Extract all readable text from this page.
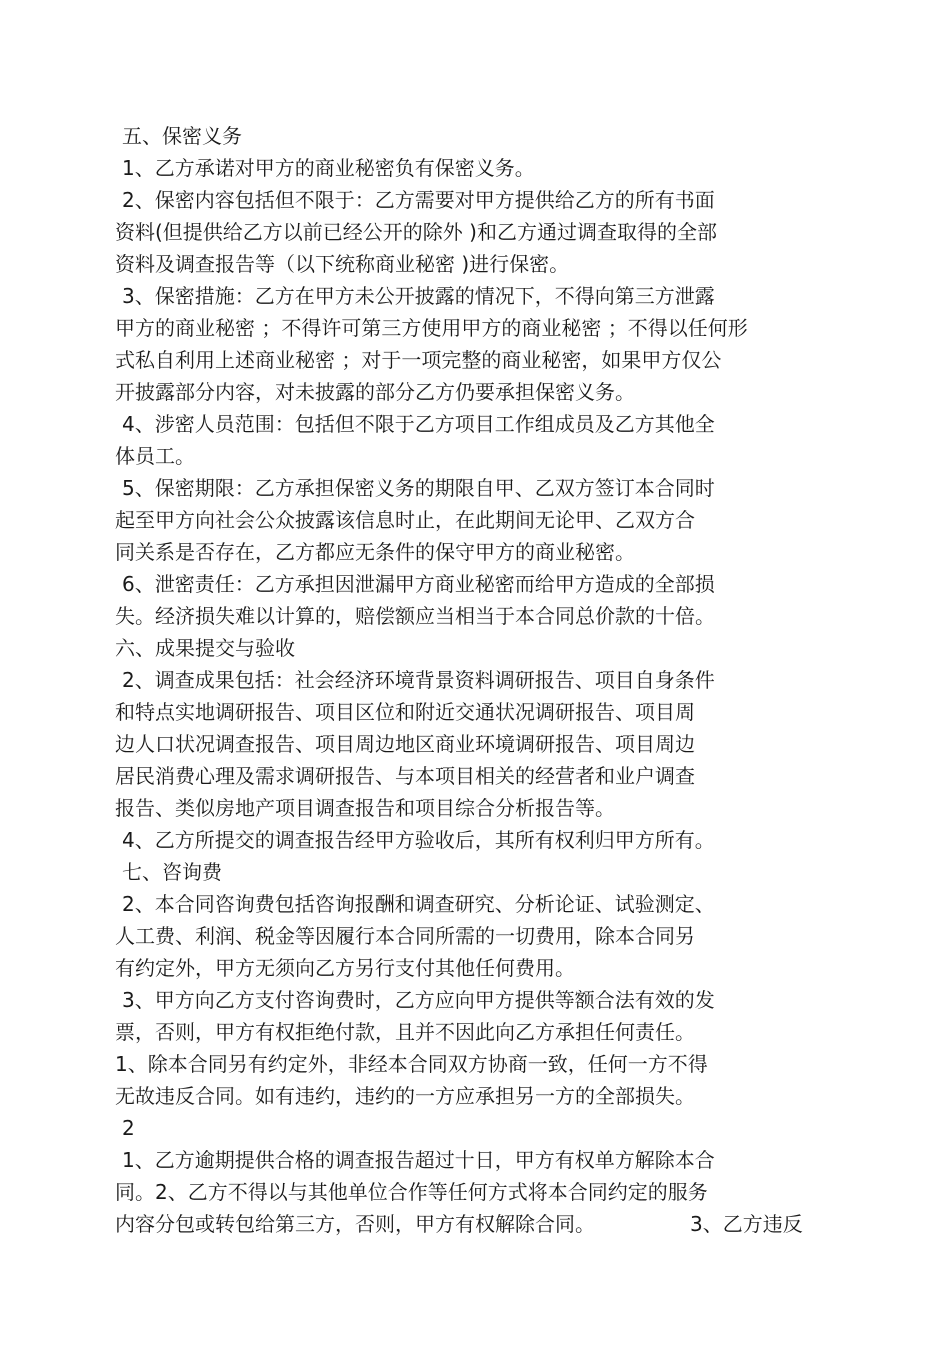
五、保密义务
1、乙方承诺对甲方的商业秘密负有保密义务。
2、保密内容包括但不限于：乙方需要对甲方提供给乙方的所有书面
资料(但提供给乙方以前已经公开的除外 )和乙方通过调查取得的全部
资料及调查报告等（以下统称商业秘密 )进行保密。
3、保密措施：乙方在甲方未公开披露的情况下，不得向第三方泄露
甲方的商业秘密 ；不得许可第三方使用甲方的商业秘密 ；不得以任何形
式私自利用上述商业秘密 ；对于一项完整的商业秘密，如果甲方仅公
开披露部分内容，对未披露的部分乙方仍要承担保密义务。
4、涉密人员范围：包括但不限于乙方项目工作组成员及乙方其他全
体员工。
5、保密期限：乙方承担保密义务的期限自甲、乙双方签订本合同时
起至甲方向社会公众披露该信息时止，在此期间无论甲、乙双方合
同关系是否存在，乙方都应无条件的保守甲方的商业秘密。
6、泄密责任：乙方承担因泄漏甲方商业秘密而给甲方造成的全部损
失。经济损失难以计算的，赔偿额应当相当于本合同总价款的十倍。
六、成果提交与验收
2、调查成果包括：社会经济环境背景资料调研报告、项目自身条件
和特点实地调研报告、项目区位和附近交通状况调研报告、项目周
边人口状况调查报告、项目周边地区商业环境调研报告、项目周边
居民消费心理及需求调研报告、与本项目相关的经营者和业户调查
报告、类似房地产项目调查报告和项目综合分析报告等。
4、乙方所提交的调查报告经甲方验收后，其所有权利归甲方所有。
七、咨询费
2、本合同咨询费包括咨询报酬和调查研究、分析论证、试验测定、
人工费、利润、税金等因履行本合同所需的一切费用，除本合同另
有约定外，甲方无须向乙方另行支付其他任何费用。
3、甲方向乙方支付咨询费时，乙方应向甲方提供等额合法有效的发
票，否则，甲方有权拒绝付款，且并不因此向乙方承担任何责任。
1、除本合同另有约定外，非经本合同双方协商一致，任何一方不得
无故违反合同。如有违约，违约的一方应承担另一方的全部损失。
2
1、乙方逾期提供合格的调查报告超过十日，甲方有权单方解除本合
同。2、乙方不得以与其他单位合作等任何方式将本合同约定的服务

内容分包或转包给第三方，否则，甲方有权解除合同。

	3、乙方违反
